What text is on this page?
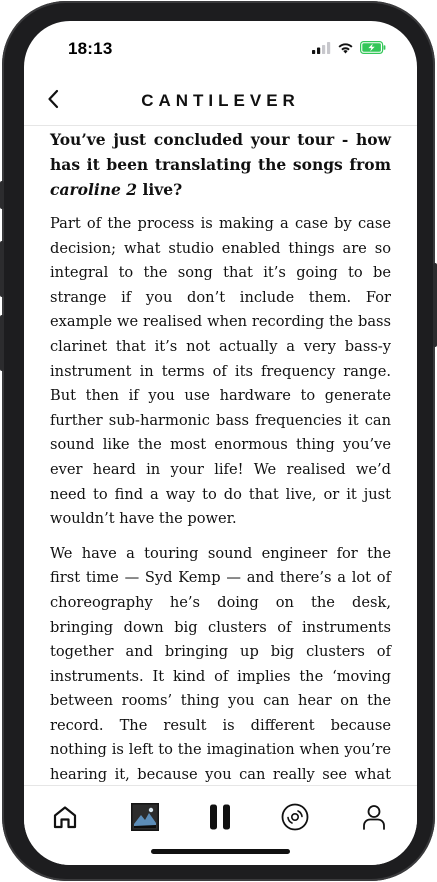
18:13
CANTILEVER

You’ve just concluded your tour - how has it been translating the songs from caroline 2 live?

Part of the process is making a case by case decision; what studio enabled things are so integral to the song that it’s going to be strange if you don’t include them. For example we realised when recording the bass clarinet that it’s not actually a very bass-y instrument in terms of its frequency range. But then if you use hardware to generate further sub-harmonic bass frequencies it can sound like the most enormous thing you’ve ever heard in your life! We realised we’d need to find a way to do that live, or it just wouldn’t have the power.

We have a touring sound engineer for the first time — Syd Kemp — and there’s a lot of choreography he’s doing on the desk, bringing down big clusters of instruments together and bringing up big clusters of instruments. It kind of implies the ‘moving between rooms’ thing you can hear on the record. The result is different because nothing is left to the imagination when you’re hearing it, because you can really see what
